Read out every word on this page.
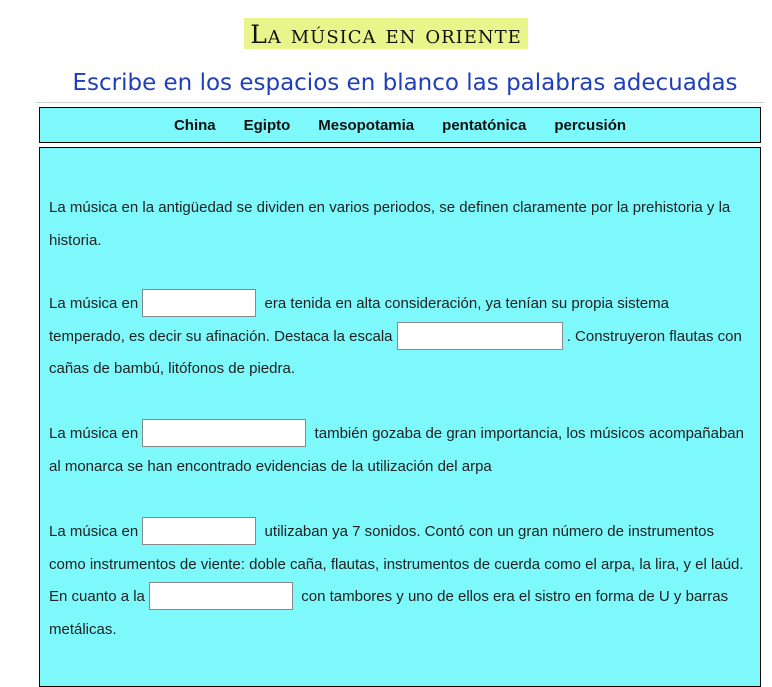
La música en oriente
Escribe en los espacios en blanco las palabras adecuadas
China Egipto Mesopotamia pentatónica percusión
La música en la antigüedad se dividen en varios periodos, se definen claramente por la prehistoria y la historia.
La música en	era tenida en alta consideración, ya tenían su propia sistema temperado, es decir su afinación. Destaca la escala	. Construyeron flautas con cañas de bambú, litófonos de piedra.
La música en	también gozaba de gran importancia, los músicos acompañaban al monarca se han encontrado evidencias de la utilización del arpa
La música en	utilizaban ya 7 sonidos. Contó con un gran número de instrumentos como instrumentos de viente: doble caña, flautas, instrumentos de cuerda como el arpa, la lira, y el laúd. En cuanto a la	con tambores y uno de ellos era el sistro en forma de U y barras metálicas.
